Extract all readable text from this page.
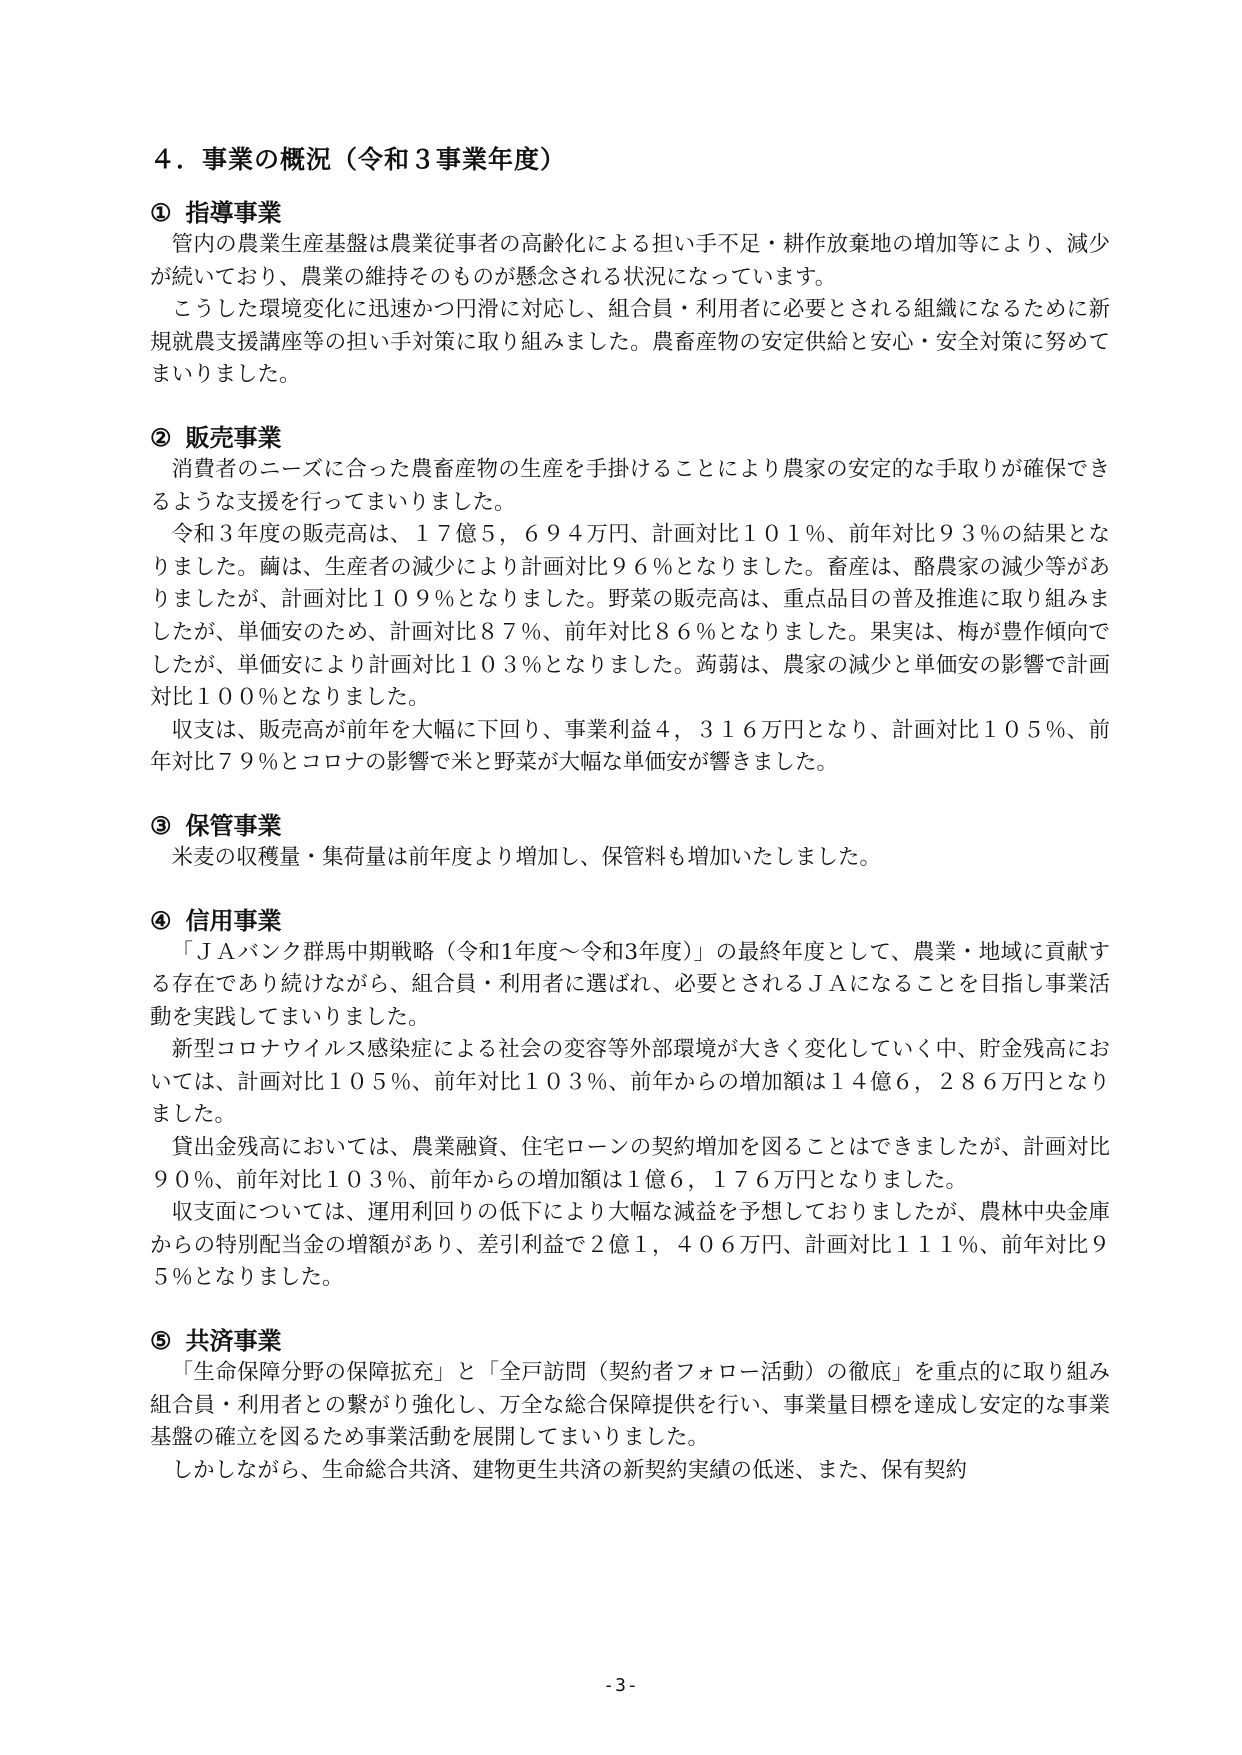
４．事業の概況（令和３事業年度）
① 指導事業

管内の農業生産基盤は農業従事者の高齢化による担い手不足・耕作放棄地の増加等により、減少が続いており、農業の維持そのものが懸念される状況になっています。

こうした環境変化に迅速かつ円滑に対応し、組合員・利用者に必要とされる組織になるために新規就農支援講座等の担い手対策に取り組みました。農畜産物の安定供給と安心・安全対策に努めてまいりました。

② 販売事業

消費者のニーズに合った農畜産物の生産を手掛けることにより農家の安定的な手取りが確保できるような支援を行ってまいりました。

令和３年度の販売高は、１７億５，６９４万円、計画対比１０１％、前年対比９３％の結果となりました。繭は、生産者の減少により計画対比９６％となりました。畜産は、酪農家の減少等がありましたが、計画対比１０９％となりました。野菜の販売高は、重点品目の普及推進に取り組みましたが、単価安のため、計画対比８７％、前年対比８６％となりました。果実は、梅が豊作傾向でしたが、単価安により計画対比１０３％となりました。蒟蒻は、農家の減少と単価安の影響で計画対比１００％となりました。

収支は、販売高が前年を大幅に下回り、事業利益４，３１６万円となり、計画対比１０５％、前年対比７９％とコロナの影響で米と野菜が大幅な単価安が響きました。

③ 保管事業

米麦の収穫量・集荷量は前年度より増加し、保管料も増加いたしました。

④ 信用事業

「ＪＡバンク群馬中期戦略（令和1年度～令和3年度）」の最終年度として、農業・地域に貢献する存在であり続けながら、組合員・利用者に選ばれ、必要とされるＪＡになることを目指し事業活動を実践してまいりました。

新型コロナウイルス感染症による社会の変容等外部環境が大きく変化していく中、貯金残高においては、計画対比１０５％、前年対比１０３％、前年からの増加額は１４億６，２８６万円となりました。

貸出金残高においては、農業融資、住宅ローンの契約増加を図ることはできましたが、計画対比９０％、前年対比１０３％、前年からの増加額は１億６，１７６万円となりました。

収支面については、運用利回りの低下により大幅な減益を予想しておりましたが、農林中央金庫からの特別配当金の増額があり、差引利益で２億１，４０６万円、計画対比１１１％、前年対比９５％となりました。

⑤ 共済事業

「生命保障分野の保障拡充」と「全戸訪問（契約者フォロー活動）の徹底」を重点的に取り組み組合員・利用者との繋がり強化し、万全な総合保障提供を行い、事業量目標を達成し安定的な事業基盤の確立を図るため事業活動を展開してまいりました。

しかしながら、生命総合共済、建物更生共済の新契約実績の低迷、また、保有契約

-3-
